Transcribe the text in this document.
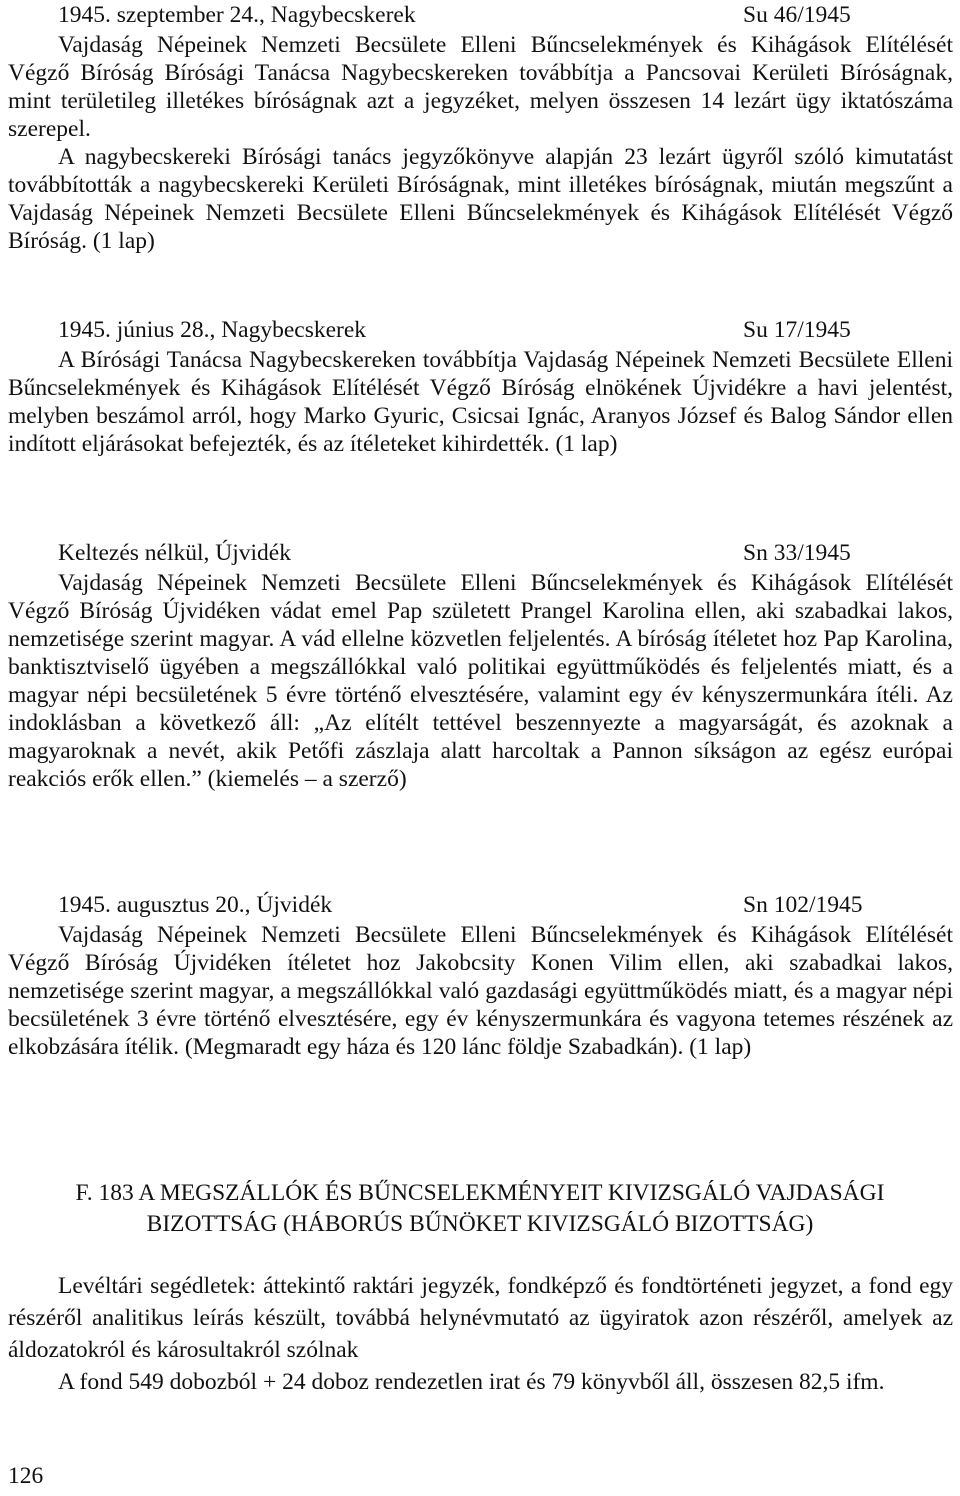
1945. szeptember 24., Nagybecskerek	Su 46/1945

Vajdaság Népeinek Nemzeti Becsülete Elleni Bűncselekmények és Kihágások Elítélését Végző Bíróság Bírósági Tanácsa Nagybecskereken továbbítja a Pancsovai Kerületi Bíróságnak, mint területileg illetékes bíróságnak azt a jegyzéket, melyen összesen 14 lezárt ügy iktatószáma szerepel.

A nagybecskereki Bírósági tanács jegyzőkönyve alapján 23 lezárt ügyről szóló kimutatást továbbították a nagybecskereki Kerületi Bíróságnak, mint illetékes bíróságnak, miután megszűnt a Vajdaság Népeinek Nemzeti Becsülete Elleni Bűncselekmények és Kihágások Elítélését Végző Bíróság. (1 lap)

1945. június 28., Nagybecskerek	Su 17/1945

A Bírósági Tanácsa Nagybecskereken továbbítja Vajdaság Népeinek Nemzeti Becsülete Elleni Bűncselekmények és Kihágások Elítélését Végző Bíróság elnökének Újvidékre a havi jelentést, melyben beszámol arról, hogy Marko Gyuric, Csicsai Ignác, Aranyos József és Balog Sándor ellen indított eljárásokat befejezték, és az ítéleteket kihirdették. (1 lap)

Keltezés nélkül, Újvidék	Sn 33/1945

Vajdaság Népeinek Nemzeti Becsülete Elleni Bűncselekmények és Kihágások Elítélését Végző Bíróság Újvidéken vádat emel Pap született Prangel Karolina ellen, aki szabadkai lakos, nemzetisége szerint magyar. A vád ellelne közvetlen feljelentés. A bíróság ítéletet hoz Pap Karolina, banktisztviselő ügyében a megszállókkal való politikai együttműködés és feljelentés miatt, és a magyar népi becsületének 5 évre történő elvesztésére, valamint egy év kényszermunkára ítéli. Az indoklásban a következő áll: „Az elítélt tettével beszennyezte a magyarságát, és azoknak a magyaroknak a nevét, akik Petőfi zászlaja alatt harcoltak a Pannon síkságon az egész európai reakciós erők ellen.” (kiemelés – a szerző)

1945. augusztus 20., Újvidék	Sn 102/1945

Vajdaság Népeinek Nemzeti Becsülete Elleni Bűncselekmények és Kihágások Elítélését Végző Bíróság Újvidéken ítéletet hoz Jakobcsity Konen Vilim ellen, aki szabadkai lakos, nemzetisége szerint magyar, a megszállókkal való gazdasági együttműködés miatt, és a magyar népi becsületének 3 évre történő elvesztésére, egy év kényszermunkára és vagyona tetemes részének az elkobzására ítélik. (Megmaradt egy háza és 120 lánc földje Szabadkán). (1 lap)

F. 183 A MEGSZÁLLÓK ÉS BŰNCSELEKMÉNYEIT KIVIZSGÁLÓ VAJDASÁGI

BIZOTTSÁG (HÁBORÚS BŰNÖKET KIVIZSGÁLÓ BIZOTTSÁG)

Levéltári segédletek: áttekintő raktári jegyzék, fondképző és fondtörténeti jegyzet, a fond egy részéről analitikus leírás készült, továbbá helynévmutató az ügyiratok azon részéről, amelyek az áldozatokról és károsultakról szólnak

A fond 549 dobozból + 24 doboz rendezetlen irat és 79 könyvből áll, összesen 82,5 ifm.

126
